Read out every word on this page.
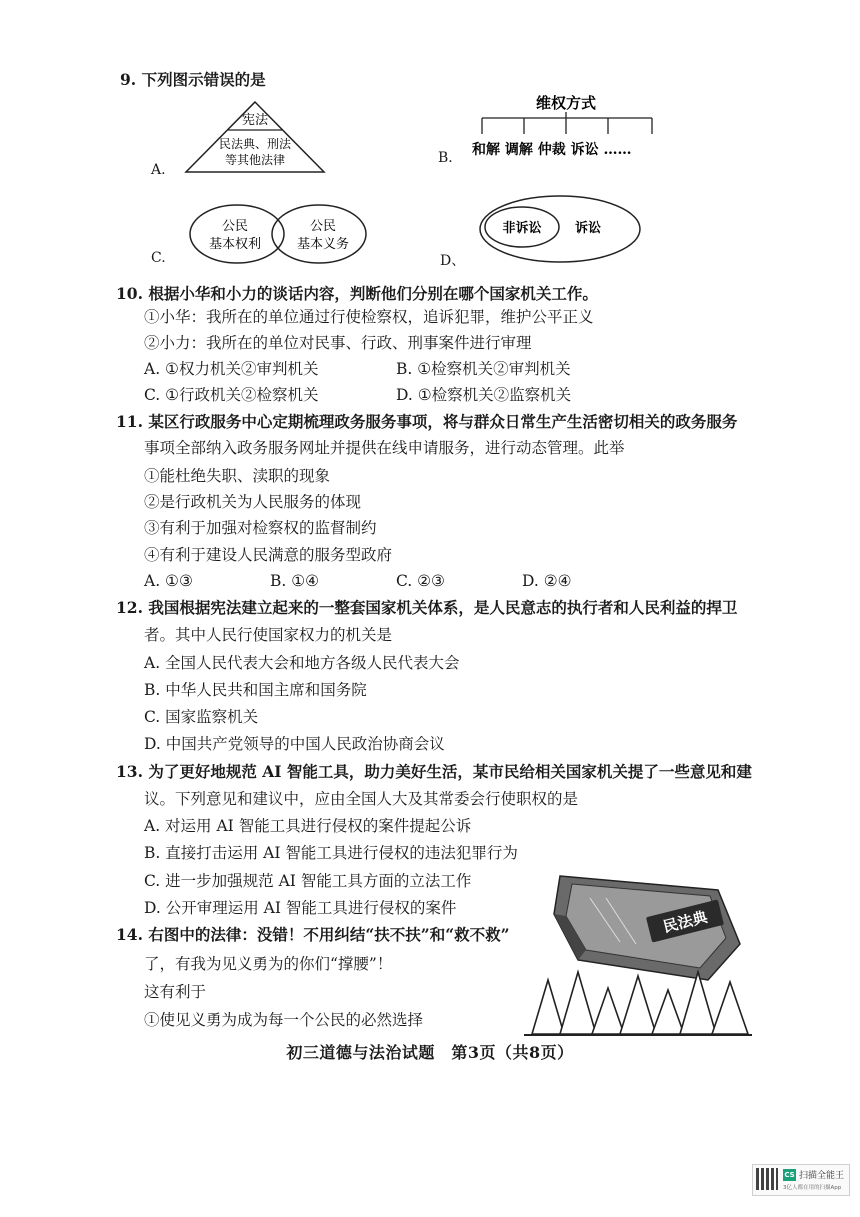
9. 下列图示错误的是
A.
宪法
民法典、刑法
等其他法律	B.
维权方式
和解 调解 仲裁 诉讼 ……
C.
公民
基本权利
公民
基本义务
D、
非诉讼	诉讼
10. 根据小华和小力的谈话内容，判断他们分别在哪个国家机关工作。
①小华：我所在的单位通过行使检察权，追诉犯罪，维护公平正义
②小力：我所在的单位对民事、行政、刑事案件进行审理
A. ①权力机关②审判机关	B. ①检察机关②审判机关
C. ①行政机关②检察机关	D. ①检察机关②监察机关
11. 某区行政服务中心定期梳理政务服务事项，将与群众日常生产生活密切相关的政务服务
事项全部纳入政务服务网址并提供在线申请服务，进行动态管理。此举
①能杜绝失职、渎职的现象
②是行政机关为人民服务的体现
③有利于加强对检察权的监督制约
④有利于建设人民满意的服务型政府
A. ①③	B. ①④	C. ②③	D. ②④
12. 我国根据宪法建立起来的一整套国家机关体系，是人民意志的执行者和人民利益的捍卫
者。其中人民行使国家权力的机关是
A. 全国人民代表大会和地方各级人民代表大会
B. 中华人民共和国主席和国务院
C. 国家监察机关
D. 中国共产党领导的中国人民政治协商会议
13. 为了更好地规范 AI 智能工具，助力美好生活，某市民给相关国家机关提了一些意见和建
议。下列意见和建议中，应由全国人大及其常委会行使职权的是
A. 对运用 AI 智能工具进行侵权的案件提起公诉
B. 直接打击运用 AI 智能工具进行侵权的违法犯罪行为
C. 进一步加强规范 AI 智能工具方面的立法工作
D. 公开审理运用 AI 智能工具进行侵权的案件
14. 右图中的法律：没错！不用纠结“扶不扶”和“救不救”
了，有我为见义勇为的你们“撑腰”！
这有利于
①使见义勇为成为每一个公民的必然选择
民法典
初三道德与法治试题　第3页（共8页）
CS 扫描全能王
3亿人都在用的扫描App
